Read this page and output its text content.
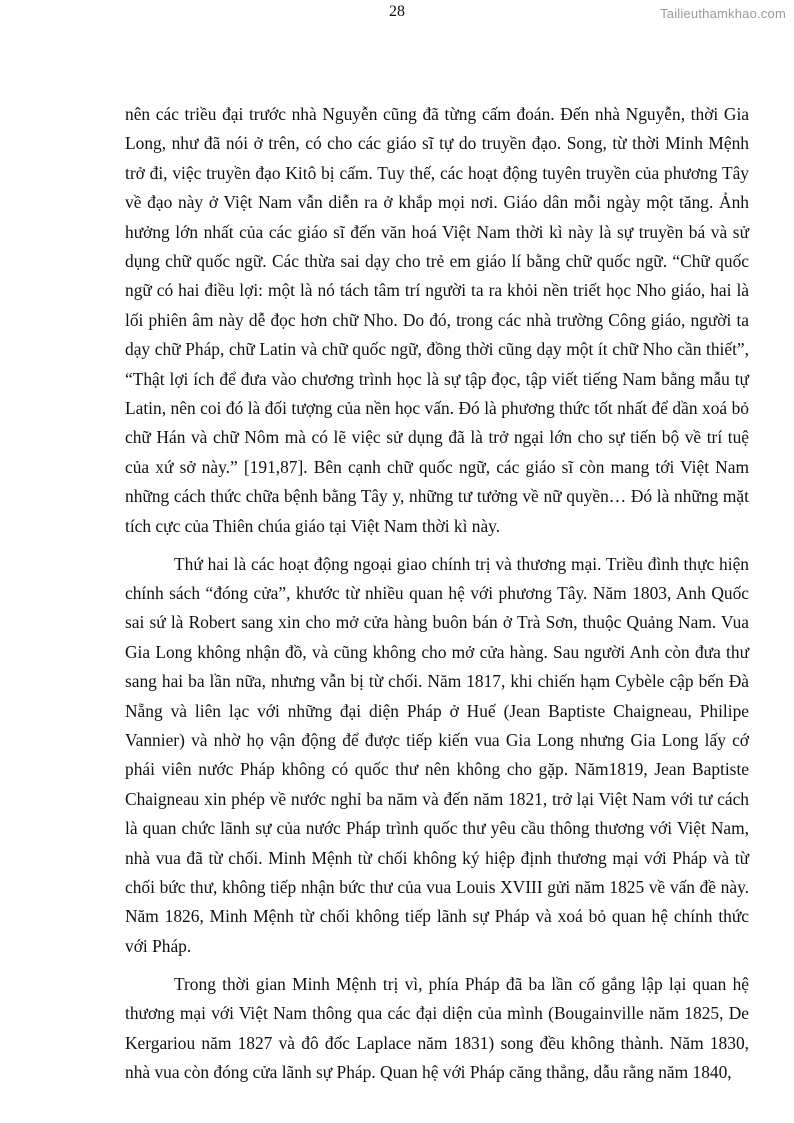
28	Tailieuthamkhao.com

nên các triều đại trước nhà Nguyễn cũng đã từng cấm đoán. Đến nhà Nguyễn, thời Gia Long, như đã nói ở trên, có cho các giáo sĩ tự do truyền đạo. Song, từ thời Minh Mệnh trở đi, việc truyền đạo Kitô bị cấm. Tuy thế, các hoạt động tuyên truyền của phương Tây về đạo này ở Việt Nam vẫn diễn ra ở khắp mọi nơi. Giáo dân mỗi ngày một tăng. Ảnh hưởng lớn nhất của các giáo sĩ đến văn hoá Việt Nam thời kì này là sự truyền bá và sử dụng chữ quốc ngữ. Các thừa sai dạy cho trẻ em giáo lí bằng chữ quốc ngữ. “Chữ quốc ngữ có hai điều lợi: một là nó tách tâm trí người ta ra khỏi nền triết học Nho giáo, hai là lối phiên âm này dễ đọc hơn chữ Nho. Do đó, trong các nhà trường Công giáo, người ta dạy chữ Pháp, chữ Latin và chữ quốc ngữ, đồng thời cũng dạy một ít chữ Nho cần thiết”, “Thật lợi ích để đưa vào chương trình học là sự tập đọc, tập viết tiếng Nam bằng mẫu tự Latin, nên coi đó là đối tượng của nền học vấn. Đó là phương thức tốt nhất để dần xoá bỏ chữ Hán và chữ Nôm mà có lẽ việc sử dụng đã là trở ngại lớn cho sự tiến bộ về trí tuệ của xứ sở này.” [191,87]. Bên cạnh chữ quốc ngữ, các giáo sĩ còn mang tới Việt Nam những cách thức chữa bệnh bằng Tây y, những tư tưởng về nữ quyền… Đó là những mặt tích cực của Thiên chúa giáo tại Việt Nam thời kì này.

Thứ hai là các hoạt động ngoại giao chính trị và thương mại. Triều đình thực hiện chính sách “đóng cửa”, khước từ nhiều quan hệ với phương Tây. Năm 1803, Anh Quốc sai sứ là Robert sang xin cho mở cửa hàng buôn bán ở Trà Sơn, thuộc Quảng Nam. Vua Gia Long không nhận đồ, và cũng không cho mở cửa hàng. Sau người Anh còn đưa thư sang hai ba lần nữa, nhưng vẫn bị từ chối. Năm 1817, khi chiến hạm Cybèle cập bến Đà Nẵng và liên lạc với những đại diện Pháp ở Huế (Jean Baptiste Chaigneau, Philipe Vannier) và nhờ họ vận động để được tiếp kiến vua Gia Long nhưng Gia Long lấy cớ phái viên nước Pháp không có quốc thư nên không cho gặp. Năm1819, Jean Baptiste Chaigneau xin phép về nước nghỉ ba năm và đến năm 1821, trở lại Việt Nam với tư cách là quan chức lãnh sự của nước Pháp trình quốc thư yêu cầu thông thương với Việt Nam, nhà vua đã từ chối. Minh Mệnh từ chối không ký hiệp định thương mại với Pháp và từ chối bức thư, không tiếp nhận bức thư của vua Louis XVIII gửi năm 1825 về vấn đề này. Năm 1826, Minh Mệnh từ chối không tiếp lãnh sự Pháp và xoá bỏ quan hệ chính thức với Pháp.

Trong thời gian Minh Mệnh trị vì, phía Pháp đã ba lần cố gắng lập lại quan hệ thương mại với Việt Nam thông qua các đại diện của mình (Bougainville năm 1825, De Kergariou năm 1827 và đô đốc Laplace năm 1831) song đều không thành. Năm 1830, nhà vua còn đóng cửa lãnh sự Pháp. Quan hệ với Pháp căng thẳng, dẫu rằng năm 1840,
